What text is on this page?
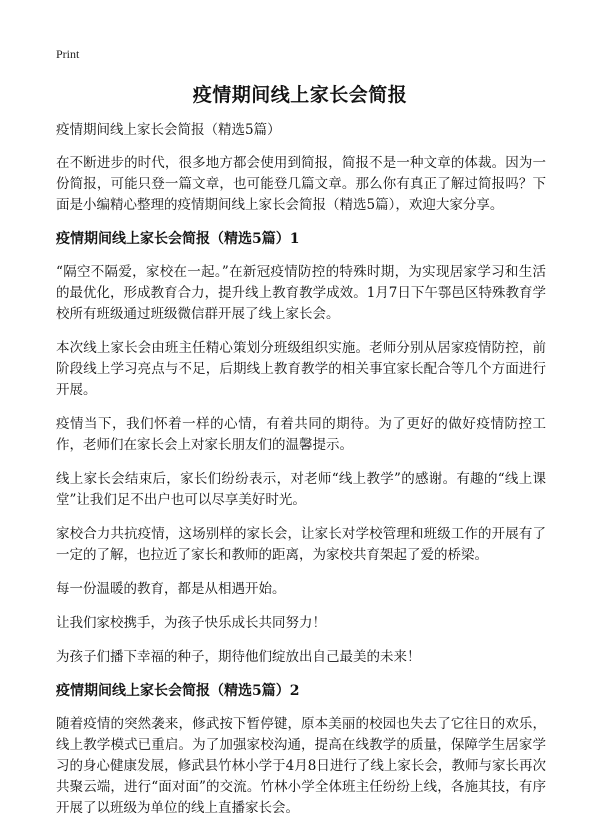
Print
疫情期间线上家长会简报

疫情期间线上家长会简报（精选5篇）

在不断进步的时代，很多地方都会使用到简报，简报不是一种文章的体裁。因为一份简报，可能只登一篇文章，也可能登几篇文章。那么你有真正了解过简报吗？下面是小编精心整理的疫情期间线上家长会简报（精选5篇），欢迎大家分享。

疫情期间线上家长会简报（精选5篇）1

“隔空不隔爱，家校在一起。”在新冠疫情防控的特殊时期，为实现居家学习和生活的最优化，形成教育合力，提升线上教育教学成效。1月7日下午鄠邑区特殊教育学校所有班级通过班级微信群开展了线上家长会。

本次线上家长会由班主任精心策划分班级组织实施。老师分别从居家疫情防控，前阶段线上学习亮点与不足，后期线上教育教学的相关事宜家长配合等几个方面进行开展。

疫情当下，我们怀着一样的心情，有着共同的期待。为了更好的做好疫情防控工作，老师们在家长会上对家长朋友们的温馨提示。

线上家长会结束后，家长们纷纷表示，对老师“线上教学”的感谢。有趣的“线上课堂”让我们足不出户也可以尽享美好时光。

家校合力共抗疫情，这场别样的家长会，让家长对学校管理和班级工作的开展有了一定的了解，也拉近了家长和教师的距离，为家校共育架起了爱的桥梁。

每一份温暖的教育，都是从相遇开始。

让我们家校携手，为孩子快乐成长共同努力！

为孩子们播下幸福的种子，期待他们绽放出自己最美的未来！

疫情期间线上家长会简报（精选5篇）2

随着疫情的突然袭来，修武按下暂停键，原本美丽的校园也失去了它往日的欢乐，线上教学模式已重启。为了加强家校沟通，提高在线教学的质量，保障学生居家学习的身心健康发展，修武县竹林小学于4月8日进行了线上家长会，教师与家长再次共聚云端，进行“面对面”的交流。竹林小学全体班主任纷纷上线，各施其技，有序开展了以班级为单位的线上直播家长会。
